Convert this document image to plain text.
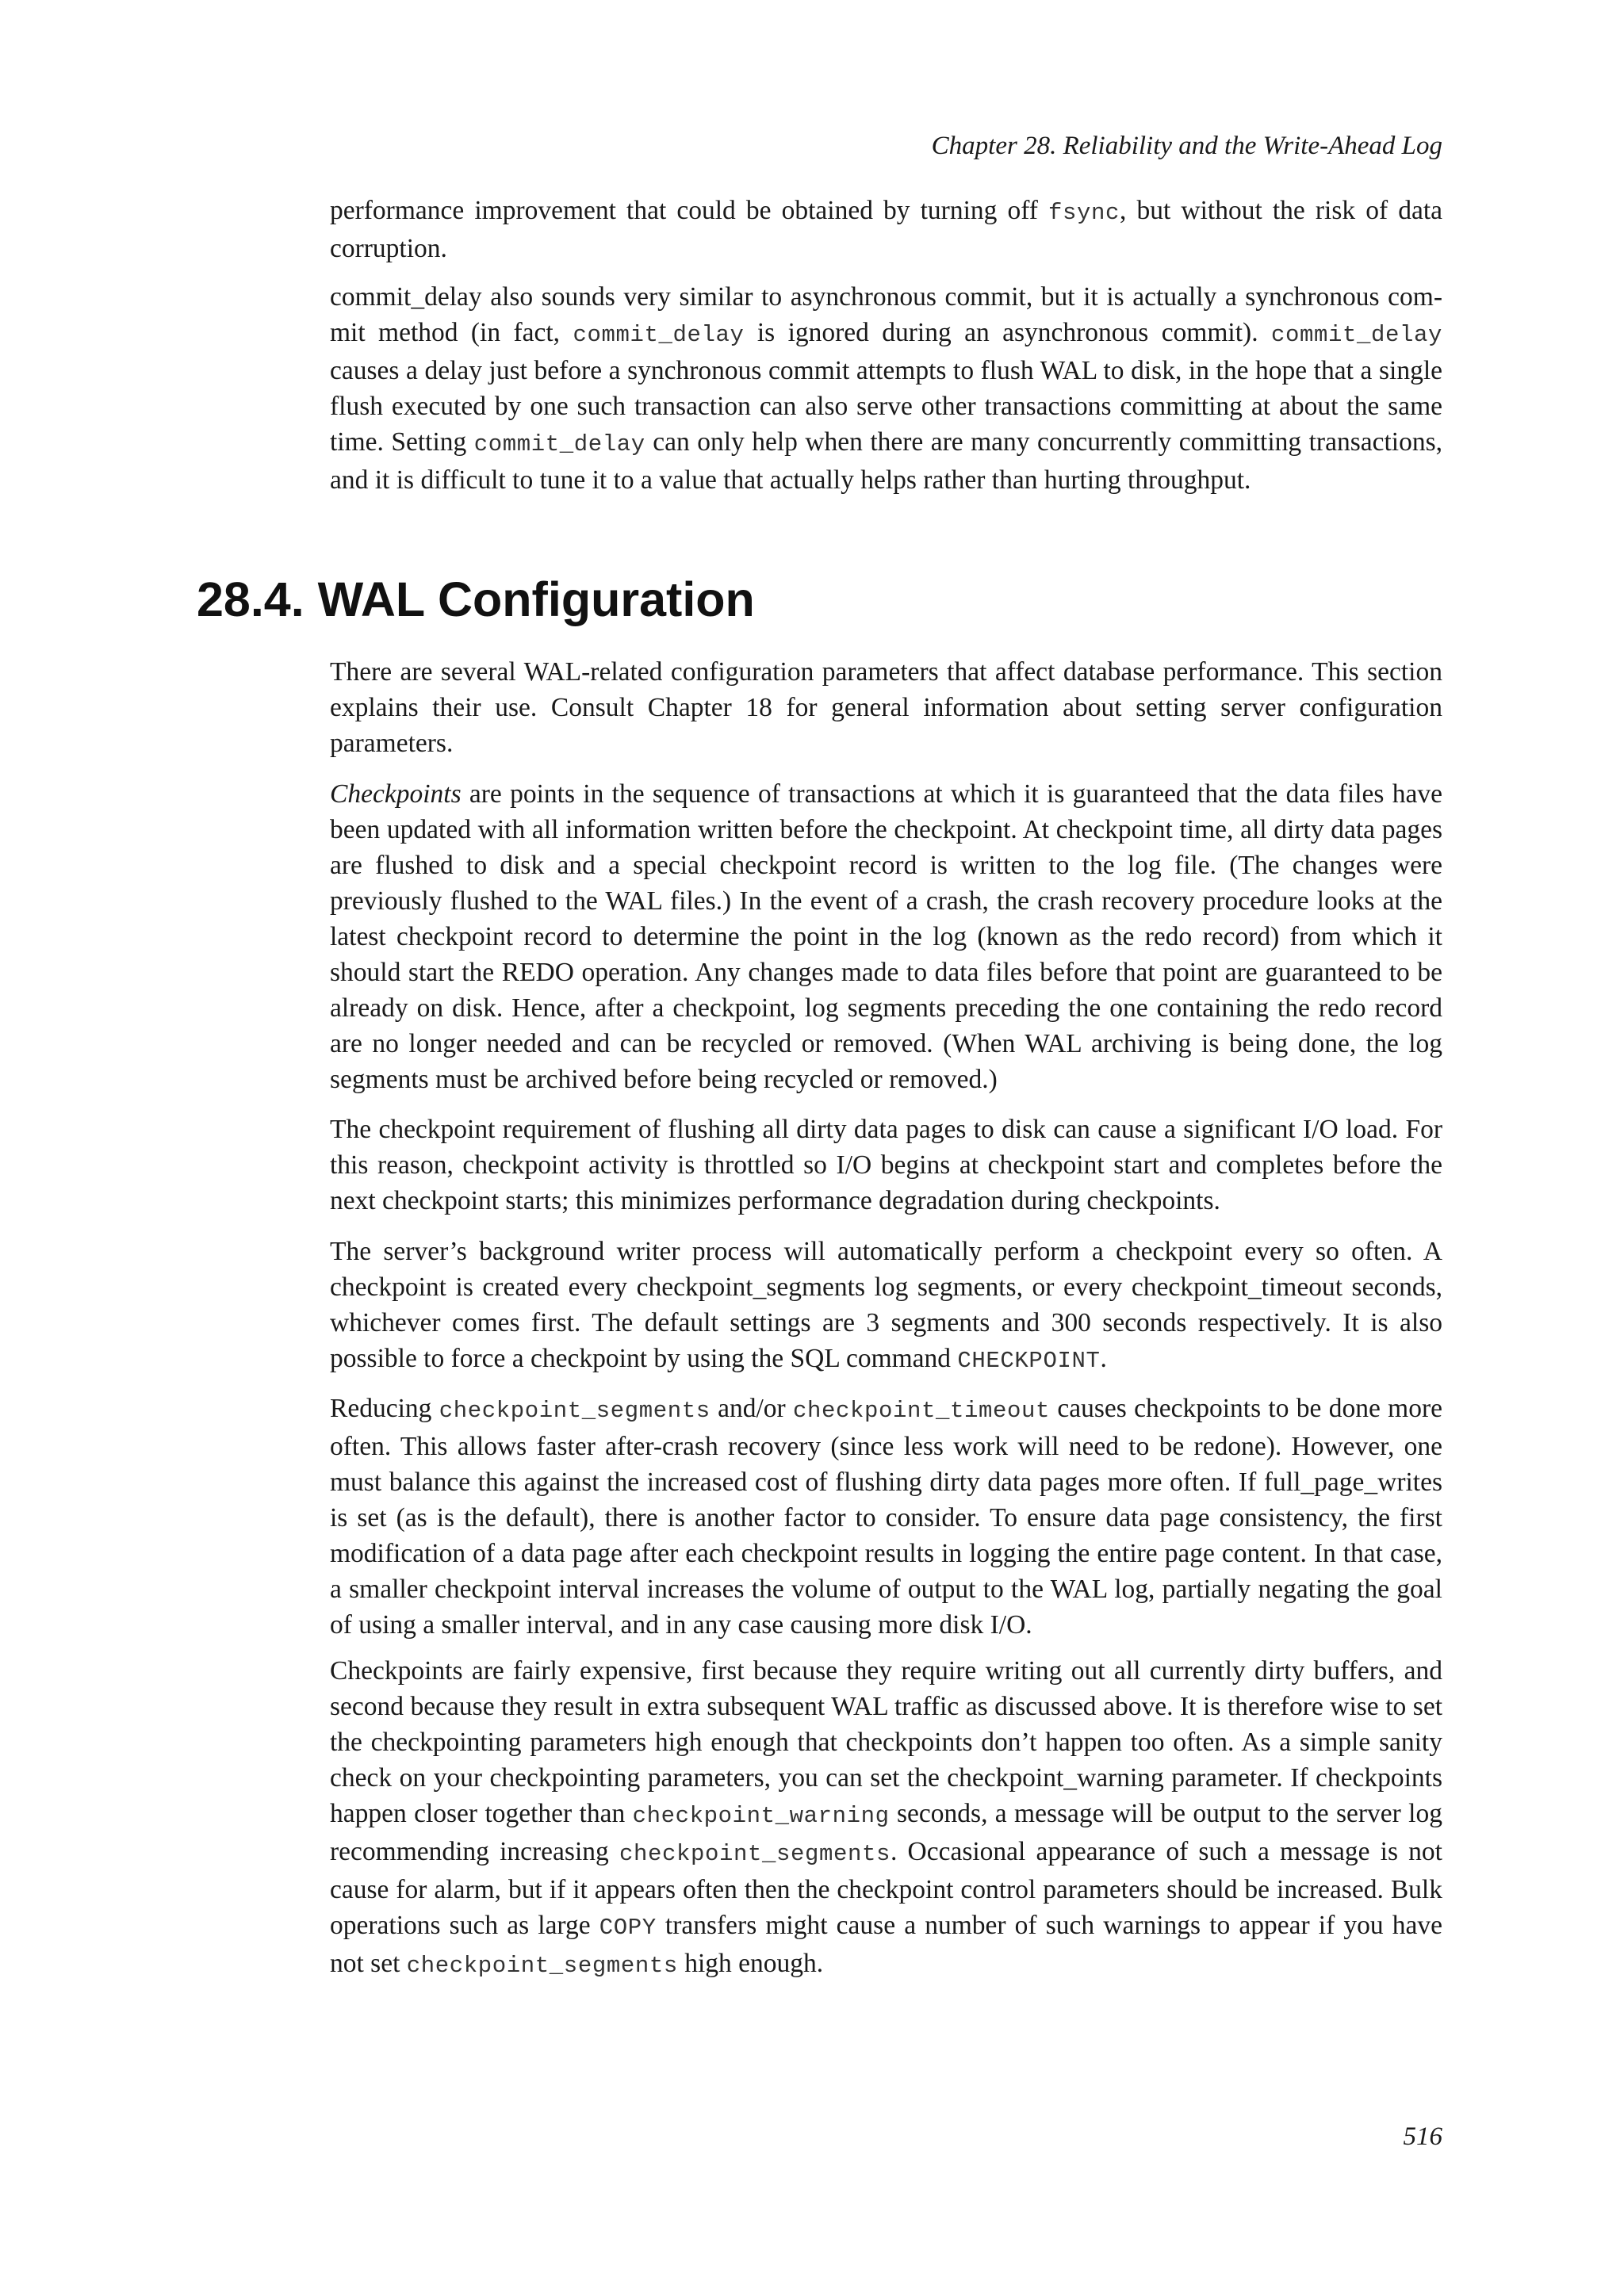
Chapter 28. Reliability and the Write-Ahead Log

performance improvement that could be obtained by turning off fsync, but without the risk of data corruption.

commit_delay also sounds very similar to asynchronous commit, but it is actually a synchronous commit method (in fact, commit_delay is ignored during an asynchronous commit). commit_delay causes a delay just before a synchronous commit attempts to flush WAL to disk, in the hope that a single flush executed by one such transaction can also serve other transactions committing at about the same time. Setting commit_delay can only help when there are many concurrently committing transactions, and it is difficult to tune it to a value that actually helps rather than hurting throughput.

28.4. WAL Configuration

There are several WAL-related configuration parameters that affect database performance. This section explains their use. Consult Chapter 18 for general information about setting server configuration parameters.

Checkpoints are points in the sequence of transactions at which it is guaranteed that the data files have been updated with all information written before the checkpoint. At checkpoint time, all dirty data pages are flushed to disk and a special checkpoint record is written to the log file. (The changes were previously flushed to the WAL files.) In the event of a crash, the crash recovery procedure looks at the latest checkpoint record to determine the point in the log (known as the redo record) from which it should start the REDO operation. Any changes made to data files before that point are guaranteed to be already on disk. Hence, after a checkpoint, log segments preceding the one containing the redo record are no longer needed and can be recycled or removed. (When WAL archiving is being done, the log segments must be archived before being recycled or removed.)

The checkpoint requirement of flushing all dirty data pages to disk can cause a significant I/O load. For this reason, checkpoint activity is throttled so I/O begins at checkpoint start and completes before the next checkpoint starts; this minimizes performance degradation during checkpoints.

The server’s background writer process will automatically perform a checkpoint every so often. A checkpoint is created every checkpoint_segments log segments, or every checkpoint_timeout seconds, whichever comes first. The default settings are 3 segments and 300 seconds respectively. It is also possible to force a checkpoint by using the SQL command CHECKPOINT.

Reducing checkpoint_segments and/or checkpoint_timeout causes checkpoints to be done more often. This allows faster after-crash recovery (since less work will need to be redone). However, one must balance this against the increased cost of flushing dirty data pages more often. If full_page_writes is set (as is the default), there is another factor to consider. To ensure data page consistency, the first modification of a data page after each checkpoint results in logging the entire page content. In that case, a smaller checkpoint interval increases the volume of output to the WAL log, partially negating the goal of using a smaller interval, and in any case causing more disk I/O.

Checkpoints are fairly expensive, first because they require writing out all currently dirty buffers, and second because they result in extra subsequent WAL traffic as discussed above. It is therefore wise to set the checkpointing parameters high enough that checkpoints don’t happen too often. As a simple sanity check on your checkpointing parameters, you can set the checkpoint_warning parameter. If checkpoints happen closer together than checkpoint_warning seconds, a message will be output to the server log recommending increasing checkpoint_segments. Occasional appearance of such a message is not cause for alarm, but if it appears often then the checkpoint control parameters should be increased. Bulk operations such as large COPY transfers might cause a number of such warnings to appear if you have not set checkpoint_segments high enough.

516
